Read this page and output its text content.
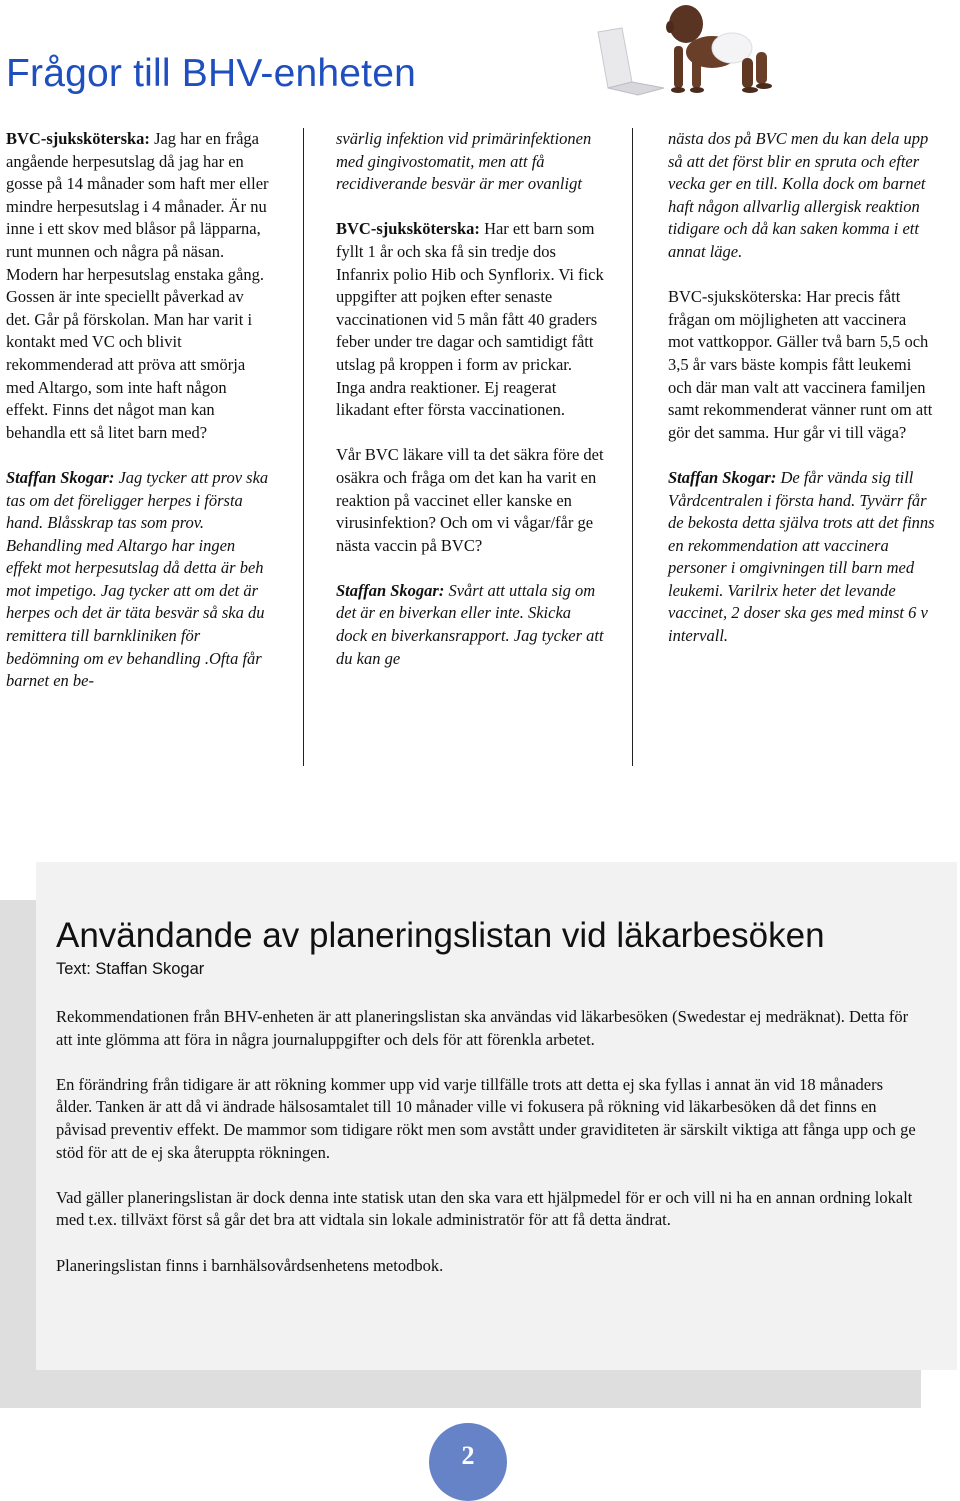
Frågor till BHV-enheten

BVC-sjuksköterska: Jag har en fråga angående herpesutslag då jag har en gosse på 14 månader som haft mer eller mindre herpesutslag i 4 månader. Är nu inne i ett skov med blåsor på läpparna, runt munnen och några på näsan. Modern har herpesutslag enstaka gång. Gossen är inte speciellt påverkad av det. Går på förskolan. Man har varit i kontakt med VC och blivit rekommenderad att pröva att smörja med Altargo, som inte haft någon effekt. Finns det något man kan behandla ett så litet barn med?

Staffan Skogar: Jag tycker att prov ska tas om det föreligger herpes i första hand. Blåsskrap tas som prov. Behandling med Altargo har ingen effekt mot herpesutslag då detta är beh mot impetigo. Jag tycker att om det är herpes och det är täta besvär så ska du remittera till barnkliniken för bedömning om ev behandling .Ofta får barnet en be-

svärlig infektion vid primärinfektionen med gingivostomatit, men att få recidiverande besvär är mer ovanligt

BVC-sjuksköterska: Har ett barn som fyllt 1 år och ska få sin tredje dos Infanrix polio Hib och Synflorix. Vi fick uppgifter att pojken efter senaste vaccinationen vid 5 mån fått 40 graders feber under tre dagar och samtidigt fått utslag på kroppen i form av prickar. Inga andra reaktioner. Ej reagerat likadant efter första vaccinationen.

Vår BVC läkare vill ta det säkra före det osäkra och fråga om det kan ha varit en reaktion på vaccinet eller kanske en virusinfektion? Och om vi vågar/får ge nästa vaccin på BVC?

Staffan Skogar: Svårt att uttala sig om det är en biverkan eller inte. Skicka dock en biverkansrapport. Jag tycker att du kan ge

nästa dos på BVC men du kan dela upp så att det först blir en spruta och efter vecka ger en till. Kolla dock om barnet haft någon allvarlig allergisk reaktion tidigare och då kan saken komma i ett annat läge.

BVC-sjuksköterska: Har precis fått frågan om möjligheten att vaccinera mot vattkoppor. Gäller två barn 5,5 och 3,5 år vars bäste kompis fått leukemi och där man valt att vaccinera familjen samt rekommenderat vänner runt om att gör det samma. Hur går vi till väga?

Staffan Skogar: De får vända sig till Vårdcentralen i första hand. Tyvärr får de bekosta detta själva trots att det finns en rekommendation att vaccinera personer i omgivningen till barn med leukemi. Varilrix heter det levande vaccinet, 2 doser ska ges med minst 6 v intervall.

Användande av planeringslistan vid läkarbesöken
Text: Staffan Skogar

Rekommendationen från BHV-enheten är att planeringslistan ska användas vid läkarbesöken (Swedestar ej medräknat). Detta för att inte glömma att föra in några journaluppgifter och dels för att förenkla arbetet.

En förändring från tidigare är att rökning kommer upp vid varje tillfälle trots att detta ej ska fyllas i annat än vid 18 månaders ålder. Tanken är att då vi ändrade hälsosamtalet till 10 månader ville vi fokusera på rökning vid läkarbesöken då det finns en påvisad preventiv effekt. De mammor som tidigare rökt men som avstått under graviditeten är särskilt viktiga att fånga upp och ge stöd för att de ej ska återuppta rökningen.

Vad gäller planeringslistan är dock denna inte statisk utan den ska vara ett hjälpmedel för er och vill ni ha en annan ordning lokalt med t.ex. tillväxt först så går det bra att vidtala sin lokale administratör för att få detta ändrat.

Planeringslistan finns i barnhälsovårdsenhetens metodbok.

2
